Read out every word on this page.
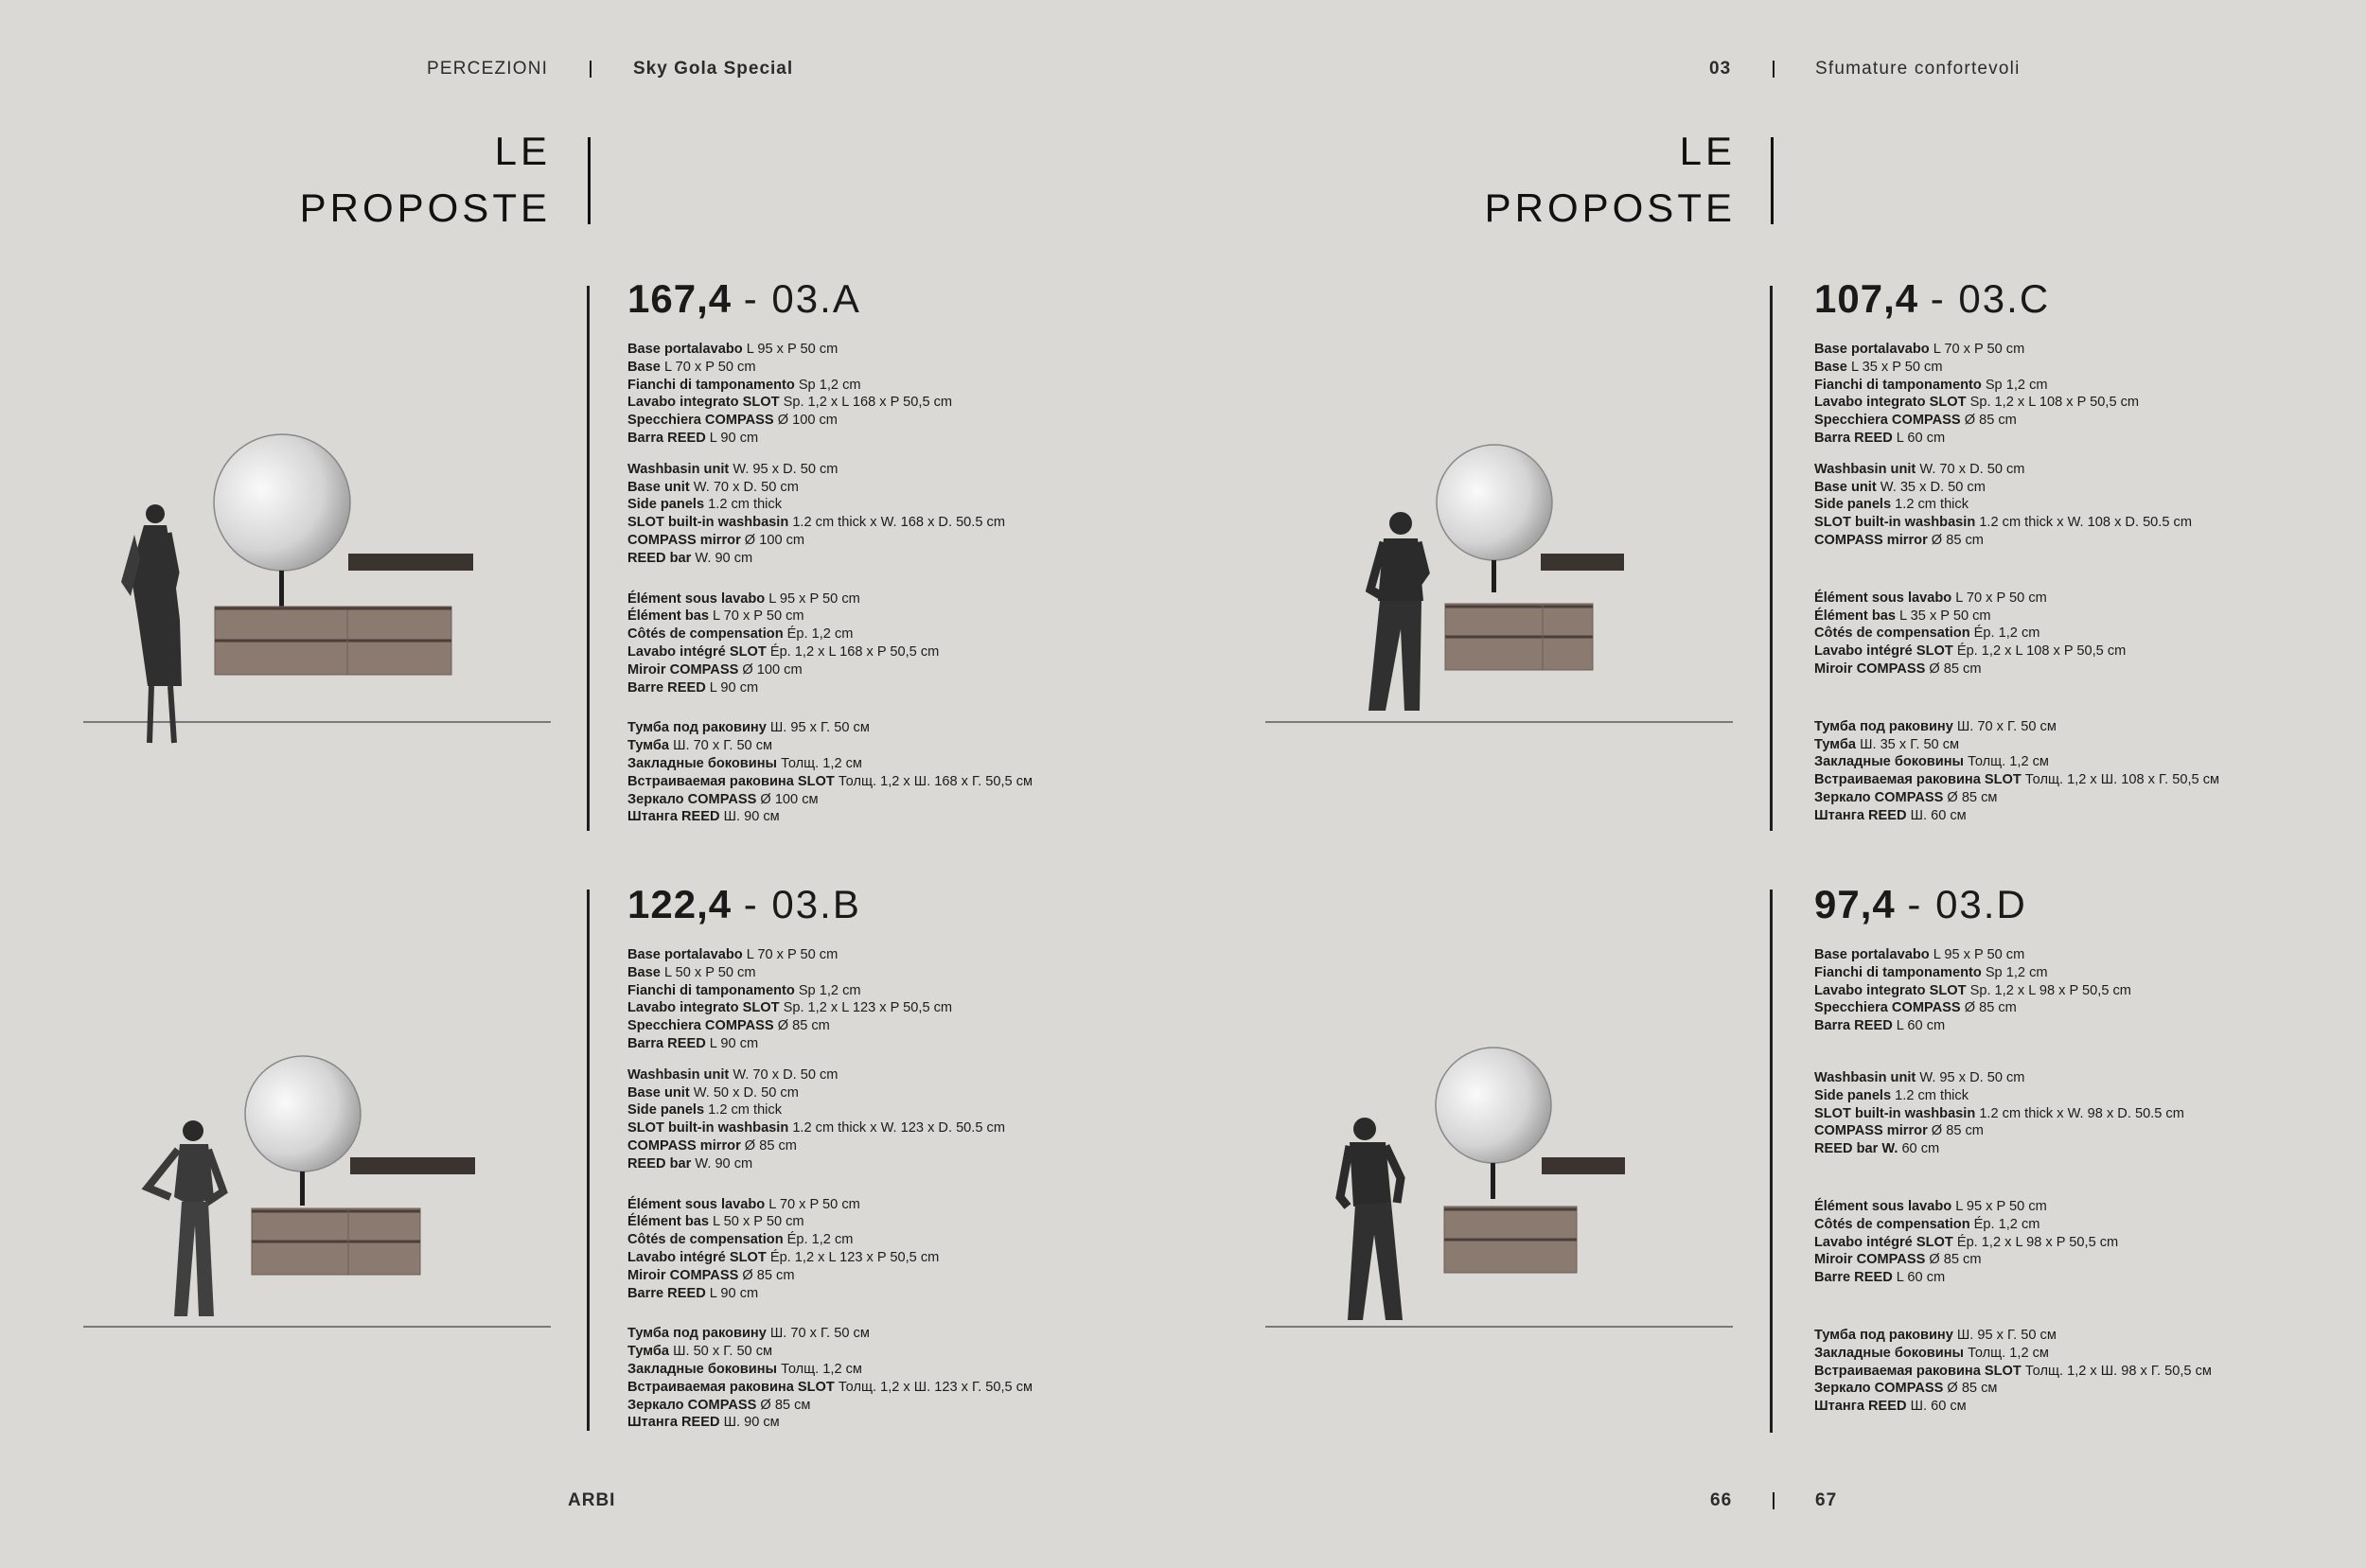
PERCEZIONI	Sky Gola Special	03	Sfumature confortevoli
LE
PROPOSTE
LE
PROPOSTE
167,4 - 03.A
Base portalavabo L 95 x P 50 cm
Base L 70 x P 50 cm
Fianchi di tamponamento Sp 1,2 cm
Lavabo integrato SLOT Sp. 1,2 x L 168 x P 50,5 cm
Specchiera COMPASS Ø 100 cm
Barra REED L 90 cm
Washbasin unit W. 95 x D. 50 cm
Base unit W. 70 x D. 50 cm
Side panels 1.2 cm thick
SLOT built-in washbasin 1.2 cm thick x W. 168 x D. 50.5 cm
COMPASS mirror Ø 100 cm
REED bar W. 90 cm
Élément sous lavabo L 95 x P 50 cm
Élément bas L 70 x P 50 cm
Côtés de compensation Ép. 1,2 cm
Lavabo intégré SLOT Ép. 1,2 x L 168 x P 50,5 cm
Miroir COMPASS Ø 100 cm
Barre REED L 90 cm
Тумба под раковину Ш. 95 х Г. 50 см
Тумба Ш. 70 х Г. 50 см
Закладные боковины Толщ. 1,2 см
Встраиваемая раковина SLOT Толщ. 1,2 х Ш. 168 х Г. 50,5 см
Зеркало COMPASS Ø 100 см
Штанга REED Ш. 90 см
122,4 - 03.B
Base portalavabo L 70 x P 50 cm
Base L 50 x P 50 cm
Fianchi di tamponamento Sp 1,2 cm
Lavabo integrato SLOT Sp. 1,2 x L 123 x P 50,5 cm
Specchiera COMPASS Ø 85 cm
Barra REED L 90 cm
Washbasin unit W. 70 x D. 50 cm
Base unit W. 50 x D. 50 cm
Side panels 1.2 cm thick
SLOT built-in washbasin 1.2 cm thick x W. 123 x D. 50.5 cm
COMPASS mirror Ø 85 cm
REED bar W. 90 cm
Élément sous lavabo L 70 x P 50 cm
Élément bas L 50 x P 50 cm
Côtés de compensation Ép. 1,2 cm
Lavabo intégré SLOT Ép. 1,2 x L 123 x P 50,5 cm
Miroir COMPASS Ø 85 cm
Barre REED L 90 cm
Тумба под раковину Ш. 70 х Г. 50 см
Тумба Ш. 50 х Г. 50 см
Закладные боковины Толщ. 1,2 см
Встраиваемая раковина SLOT Толщ. 1,2 х Ш. 123 х Г. 50,5 см
Зеркало COMPASS Ø 85 см
Штанга REED Ш. 90 см
107,4 - 03.C
Base portalavabo L 70 x P 50 cm
Base L 35 x P 50 cm
Fianchi di tamponamento Sp 1,2 cm
Lavabo integrato SLOT Sp. 1,2 x L 108 x P 50,5 cm
Specchiera COMPASS Ø 85 cm
Barra REED L 60 cm
Washbasin unit W. 70 x D. 50 cm
Base unit W. 35 x D. 50 cm
Side panels 1.2 cm thick
SLOT built-in washbasin 1.2 cm thick x W. 108 x D. 50.5 cm
COMPASS mirror Ø 85 cm
Élément sous lavabo L 70 x P 50 cm
Élément bas L 35 x P 50 cm
Côtés de compensation Ép. 1,2 cm
Lavabo intégré SLOT Ép. 1,2 x L 108 x P 50,5 cm
Miroir COMPASS Ø 85 cm
Тумба под раковину Ш. 70 х Г. 50 см
Тумба Ш. 35 х Г. 50 см
Закладные боковины Толщ. 1,2 см
Встраиваемая раковина SLOT Толщ. 1,2 х Ш. 108 х Г. 50,5 см
Зеркало COMPASS Ø 85 см
Штанга REED Ш. 60 см
97,4 - 03.D
Base portalavabo L 95 x P 50 cm
Fianchi di tamponamento Sp 1,2 cm
Lavabo integrato SLOT Sp. 1,2 x L 98 x P 50,5 cm
Specchiera COMPASS Ø 85 cm
Barra REED L 60 cm
Washbasin unit W. 95 x D. 50 cm
Side panels 1.2 cm thick
SLOT built-in washbasin 1.2 cm thick x W. 98 x D. 50.5 cm
COMPASS mirror Ø 85 cm
REED bar W. 60 cm
Élément sous lavabo L 95 x P 50 cm
Côtés de compensation Ép. 1,2 cm
Lavabo intégré SLOT Ép. 1,2 x L 98 x P 50,5 cm
Miroir COMPASS Ø 85 cm
Barre REED L 60 cm
Тумба под раковину Ш. 95 х Г. 50 см
Закладные боковины Толщ. 1,2 см
Встраиваемая раковина SLOT Толщ. 1,2 х Ш. 98 х Г. 50,5 см
Зеркало COMPASS Ø 85 см
Штанга REED Ш. 60 см
ARBI	66	67
